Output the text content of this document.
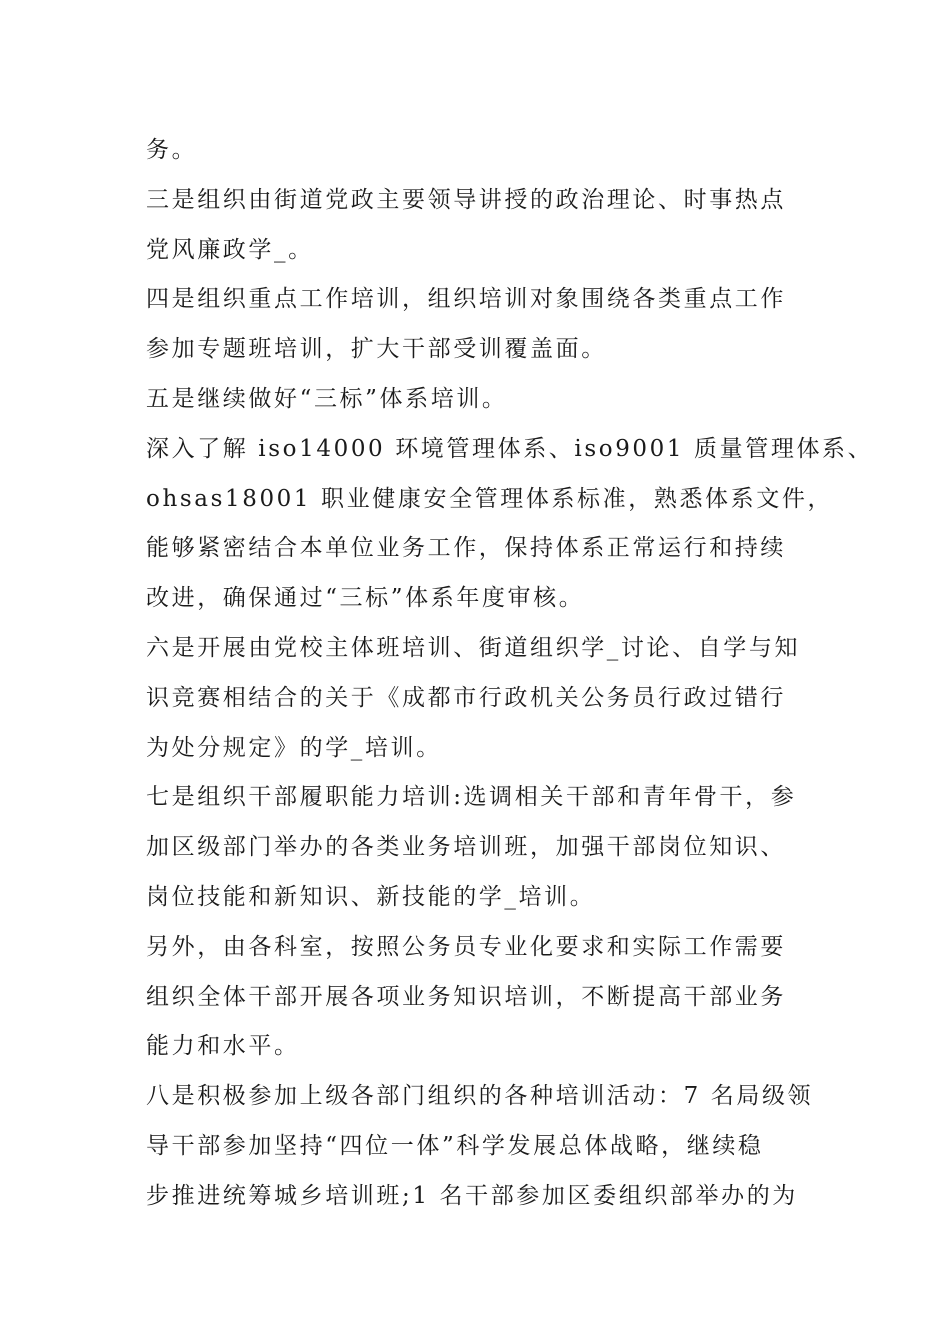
务。
三是组织由街道党政主要领导讲授的政治理论、时事热点
党风廉政学_。
四是组织重点工作培训，组织培训对象围绕各类重点工作
参加专题班培训，扩大干部受训覆盖面。
五是继续做好“三标”体系培训。
深入了解 iso14000 环境管理体系、iso9001 质量管理体系、
ohsas18001 职业健康安全管理体系标准，熟悉体系文件，
能够紧密结合本单位业务工作，保持体系正常运行和持续
改进，确保通过“三标”体系年度审核。
六是开展由党校主体班培训、街道组织学_讨论、自学与知
识竞赛相结合的关于《成都市行政机关公务员行政过错行
为处分规定》的学_培训。
七是组织干部履职能力培训:选调相关干部和青年骨干，参
加区级部门举办的各类业务培训班，加强干部岗位知识、
岗位技能和新知识、新技能的学_培训。
另外，由各科室，按照公务员专业化要求和实际工作需要
组织全体干部开展各项业务知识培训，不断提高干部业务
能力和水平。
八是积极参加上级各部门组织的各种培训活动：7 名局级领
导干部参加坚持“四位一体”科学发展总体战略，继续稳
步推进统筹城乡培训班;1 名干部参加区委组织部举办的为
